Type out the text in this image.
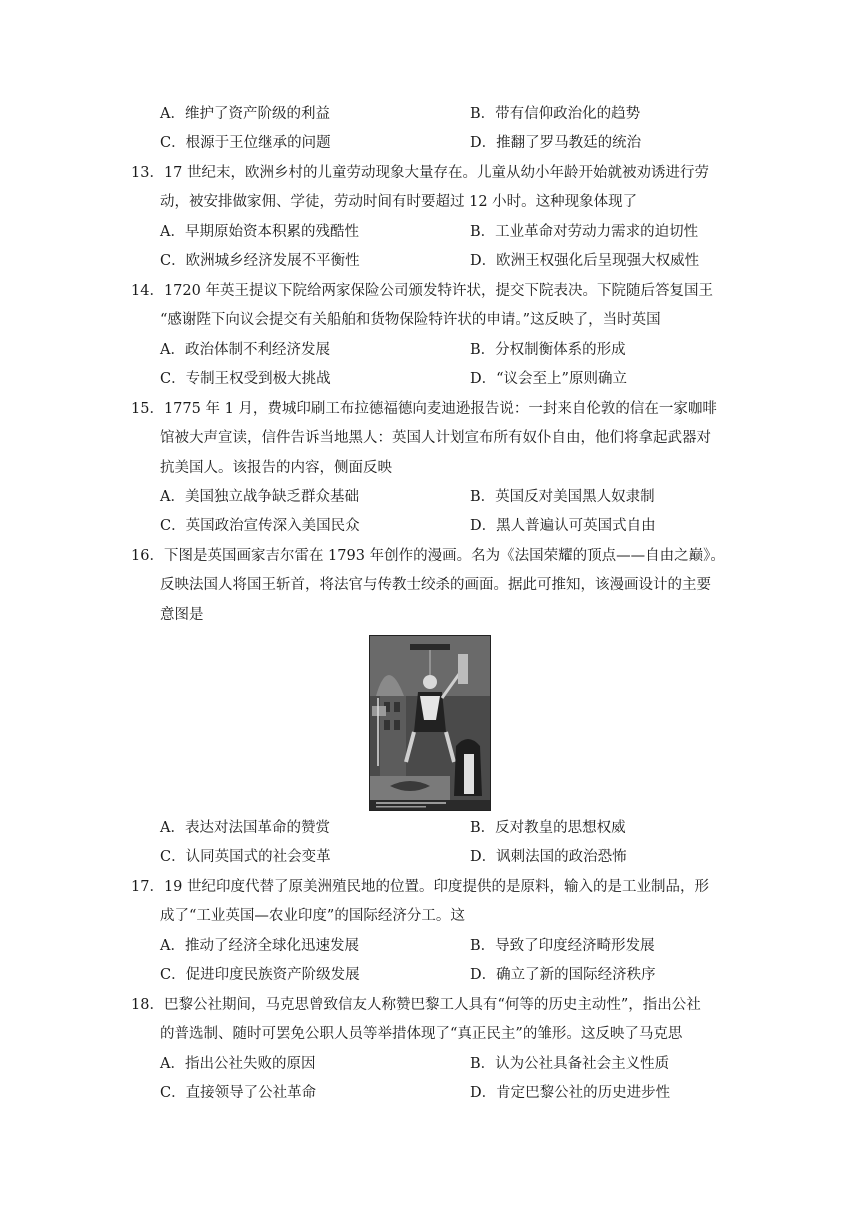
A．维护了资产阶级的利益	B．带有信仰政治化的趋势
C．根源于王位继承的问题	D．推翻了罗马教廷的统治
13．17 世纪末，欧洲乡村的儿童劳动现象大量存在。儿童从幼小年龄开始就被劝诱进行劳
动，被安排做家佣、学徒，劳动时间有时要超过 12 小时。这种现象体现了
A．早期原始资本积累的残酷性	B．工业革命对劳动力需求的迫切性
C．欧洲城乡经济发展不平衡性	D．欧洲王权强化后呈现强大权威性
14．1720 年英王提议下院给两家保险公司颁发特许状，提交下院表决。下院随后答复国王
“感谢陛下向议会提交有关船舶和货物保险特许状的申请。”这反映了，当时英国
A．政治体制不利经济发展	B．分权制衡体系的形成
C．专制王权受到极大挑战	D．“议会至上”原则确立
15．1775 年 1 月，费城印刷工布拉德福德向麦迪逊报告说：一封来自伦敦的信在一家咖啡
馆被大声宣读，信件告诉当地黑人：英国人计划宣布所有奴仆自由，他们将拿起武器对
抗美国人。该报告的内容，侧面反映
A．美国独立战争缺乏群众基础	B．英国反对美国黑人奴隶制
C．英国政治宣传深入美国民众	D．黑人普遍认可英国式自由
16．下图是英国画家吉尔雷在 1793 年创作的漫画。名为《法国荣耀的顶点——自由之巅》。
反映法国人将国王斩首，将法官与传教士绞杀的画面。据此可推知，该漫画设计的主要
意图是
A．表达对法国革命的赞赏	B．反对教皇的思想权威
C．认同英国式的社会变革	D．讽刺法国的政治恐怖
17．19 世纪印度代替了原美洲殖民地的位置。印度提供的是原料，输入的是工业制品，形
成了“工业英国—农业印度”的国际经济分工。这
A．推动了经济全球化迅速发展	B．导致了印度经济畸形发展
C．促进印度民族资产阶级发展	D．确立了新的国际经济秩序
18．巴黎公社期间，马克思曾致信友人称赞巴黎工人具有“何等的历史主动性”，指出公社
的普选制、随时可罢免公职人员等举措体现了“真正民主”的雏形。这反映了马克思
A．指出公社失败的原因	B．认为公社具备社会主义性质
C．直接领导了公社革命	D．肯定巴黎公社的历史进步性
